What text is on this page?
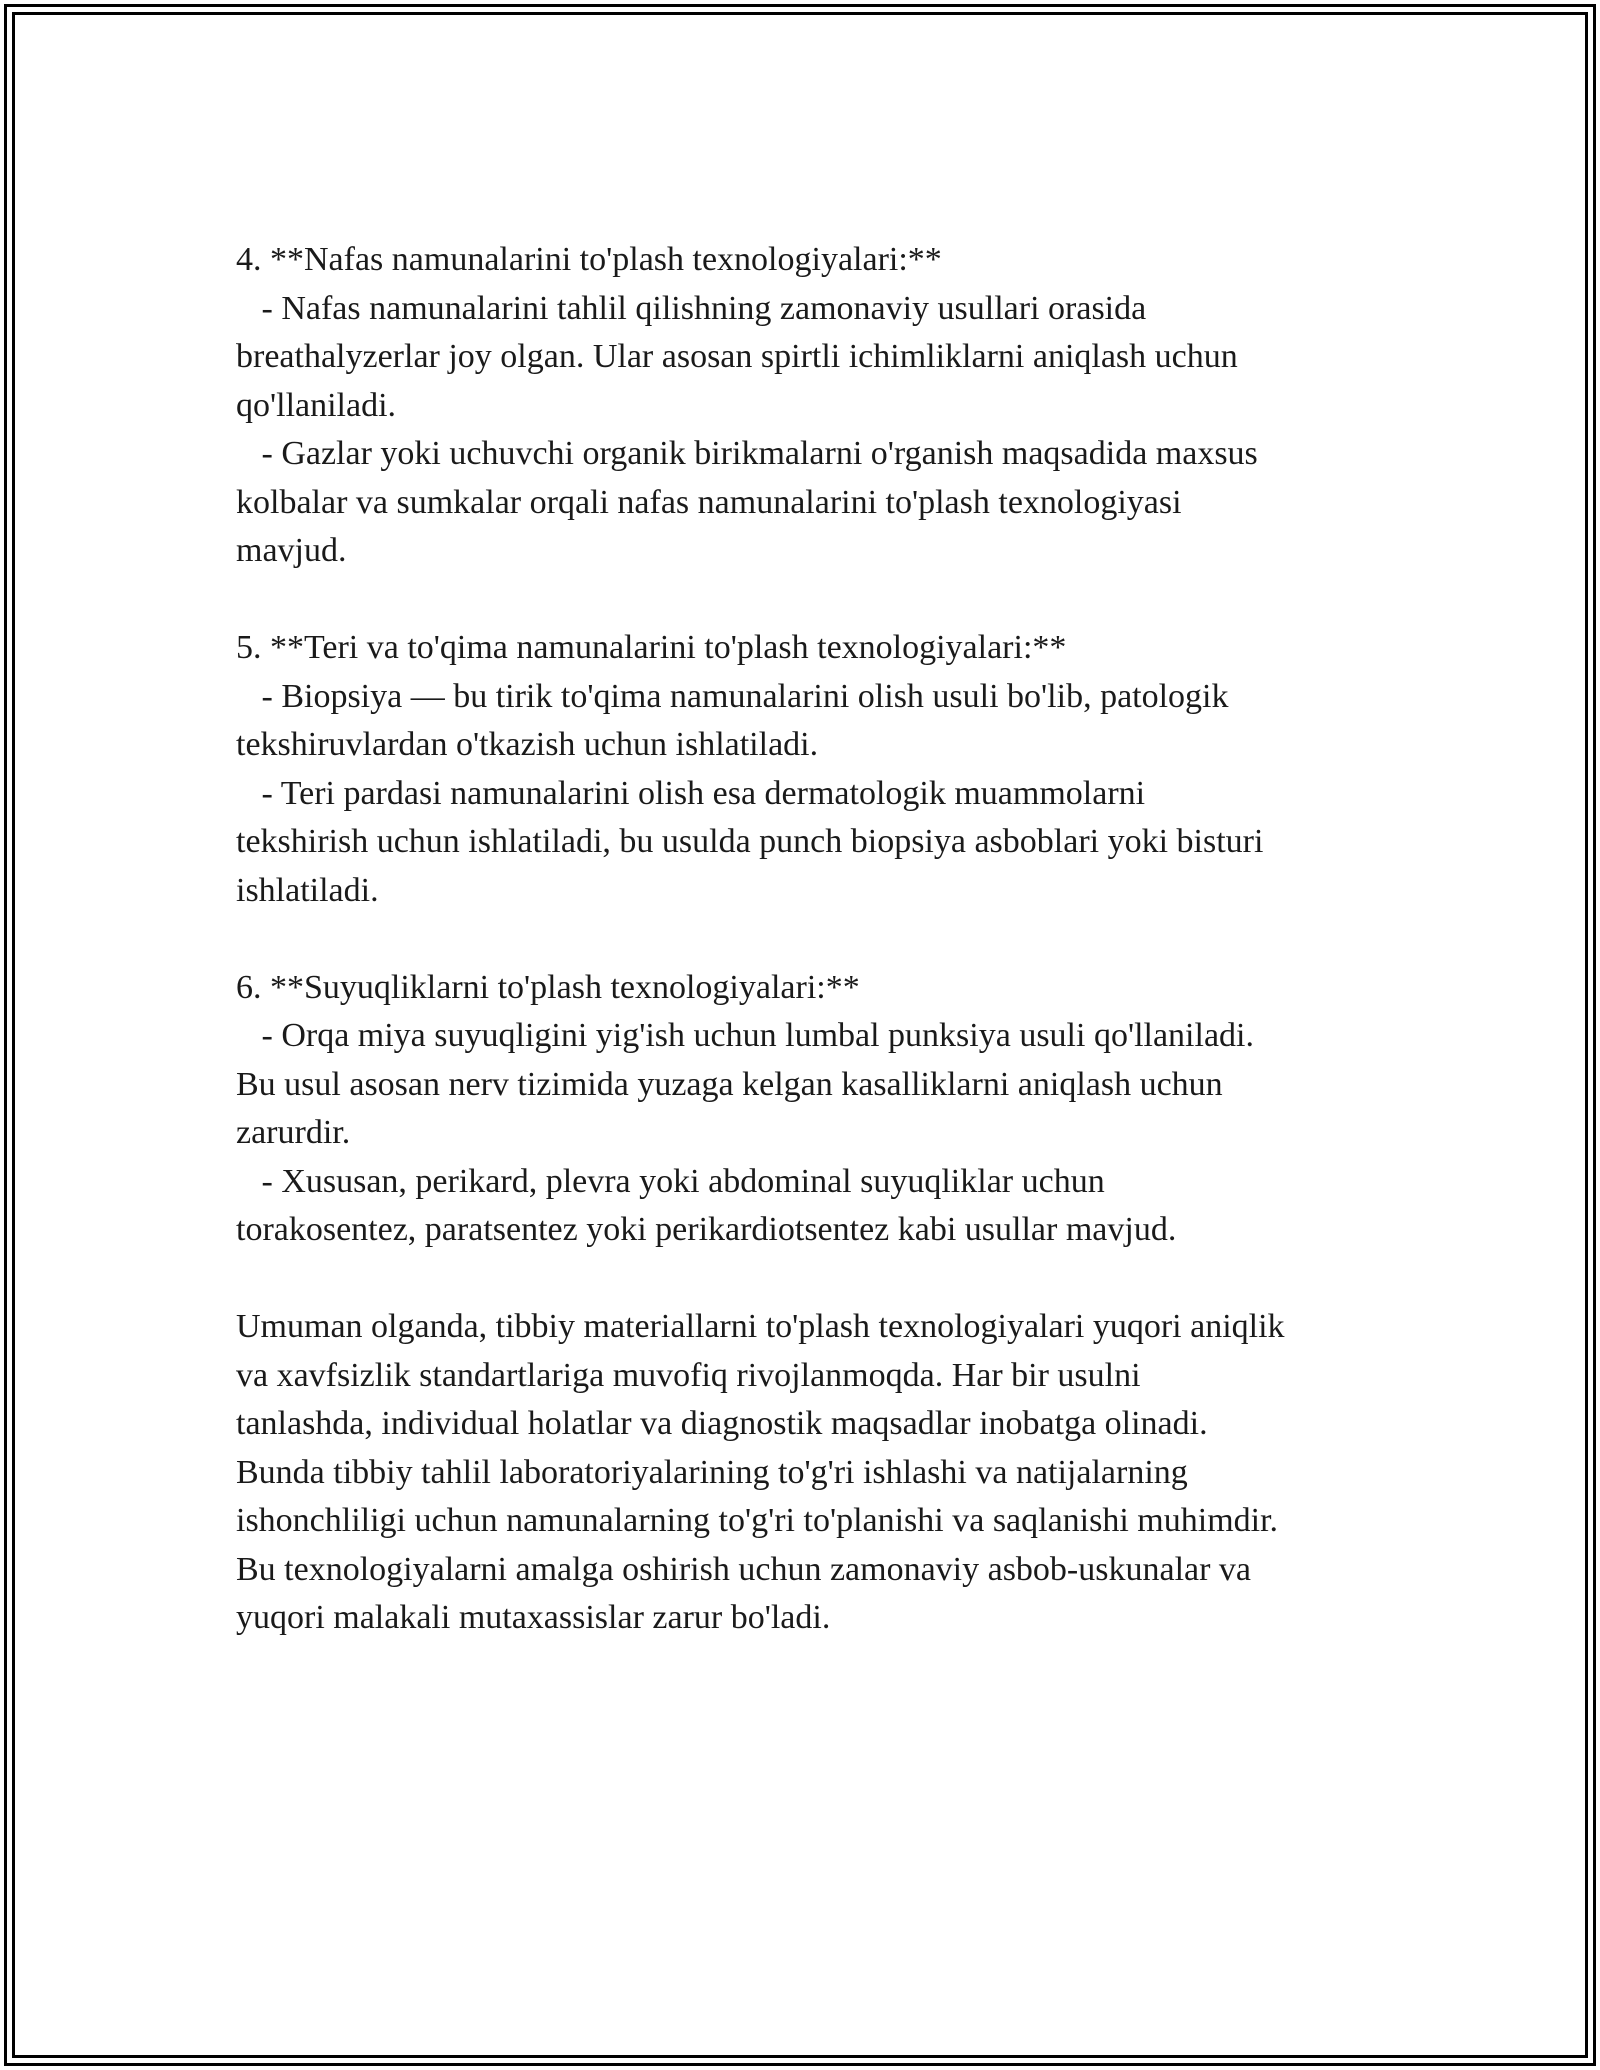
4. **Nafas namunalarini to'plash texnologiyalari:**
- Nafas namunalarini tahlil qilishning zamonaviy usullari orasida
breathalyzerlar joy olgan. Ular asosan spirtli ichimliklarni aniqlash uchun
qo'llaniladi.
- Gazlar yoki uchuvchi organik birikmalarni o'rganish maqsadida maxsus
kolbalar va sumkalar orqali nafas namunalarini to'plash texnologiyasi
mavjud.
5. **Teri va to'qima namunalarini to'plash texnologiyalari:**
- Biopsiya — bu tirik to'qima namunalarini olish usuli bo'lib, patologik
tekshiruvlardan o'tkazish uchun ishlatiladi.
- Teri pardasi namunalarini olish esa dermatologik muammolarni
tekshirish uchun ishlatiladi, bu usulda punch biopsiya asboblari yoki bisturi
ishlatiladi.
6. **Suyuqliklarni to'plash texnologiyalari:**
- Orqa miya suyuqligini yig'ish uchun lumbal punksiya usuli qo'llaniladi.
Bu usul asosan nerv tizimida yuzaga kelgan kasalliklarni aniqlash uchun
zarurdir.
- Xususan, perikard, plevra yoki abdominal suyuqliklar uchun
torakosentez, paratsentez yoki perikardiotsentez kabi usullar mavjud.
Umuman olganda, tibbiy materiallarni to'plash texnologiyalari yuqori aniqlik
va xavfsizlik standartlariga muvofiq rivojlanmoqda. Har bir usulni
tanlashda, individual holatlar va diagnostik maqsadlar inobatga olinadi.
Bunda tibbiy tahlil laboratoriyalarining to'g'ri ishlashi va natijalarning
ishonchliligi uchun namunalarning to'g'ri to'planishi va saqlanishi muhimdir.
Bu texnologiyalarni amalga oshirish uchun zamonaviy asbob-uskunalar va
yuqori malakali mutaxassislar zarur bo'ladi.
